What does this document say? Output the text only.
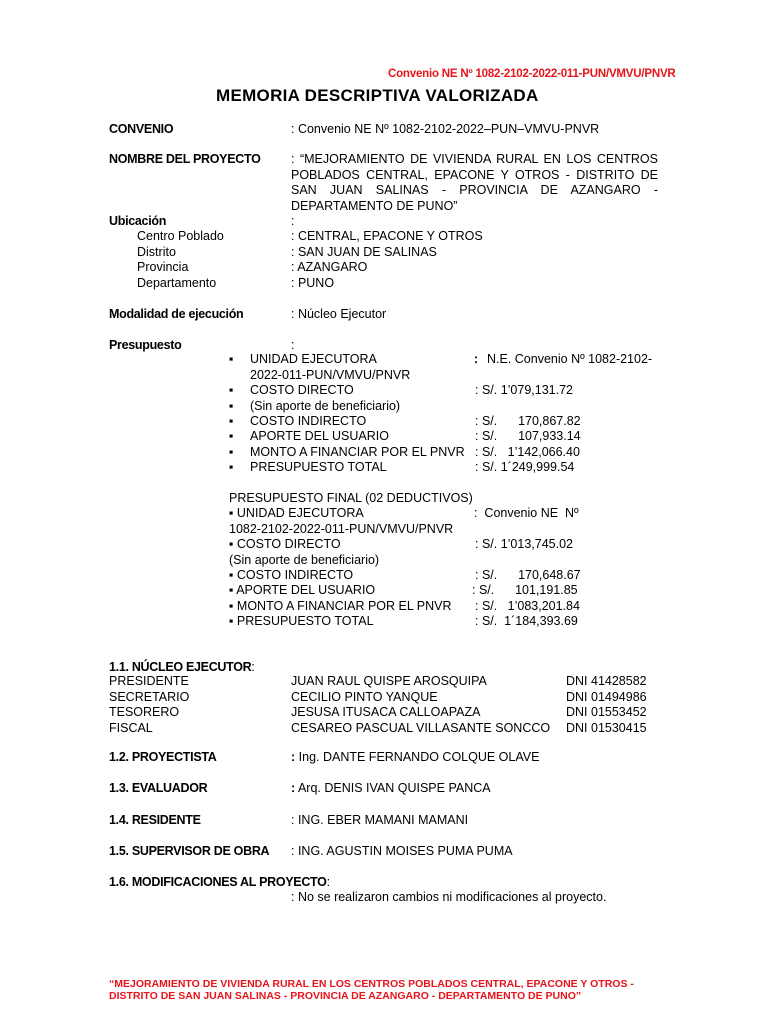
Convenio NE Nº 1082-2102-2022-011-PUN/VMVU/PNVR
MEMORIA DESCRIPTIVA VALORIZADA
CONVENIO	: Convenio NE Nº 1082-2102-2022–PUN–VMVU-PNVR
NOMBRE DEL PROYECTO : “MEJORAMIENTO DE VIVIENDA RURAL EN LOS CENTROS POBLADOS CENTRAL, EPACONE Y OTROS - DISTRITO DE SAN JUAN SALINAS - PROVINCIA DE AZANGARO - DEPARTAMENTO DE PUNO”
Ubicación	:
Centro Poblado	: CENTRAL, EPACONE Y OTROS
Distrito	: SAN JUAN DE SALINAS
Provincia	: AZANGARO
Departamento	: PUNO
Modalidad de ejecución	: Núcleo Ejecutor
Presupuesto	:
▪ UNIDAD EJECUTORA	: N.E. Convenio Nº 1082-2102-
2022-011-PUN/VMVU/PNVR
▪ COSTO DIRECTO	: S/. 1’079,131.72
▪ (Sin aporte de beneficiario)
▪ COSTO INDIRECTO	: S/.      170,867.82
▪ APORTE DEL USUARIO	: S/.      107,933.14
▪ MONTO A FINANCIAR POR EL PNVR : S/.   1’142,066.40
▪ PRESUPUESTO TOTAL	: S/. 1´249,999.54
PRESUPUESTO FINAL (02 DEDUCTIVOS)
▪ UNIDAD EJECUTORA	:  Convenio NE  Nº
1082-2102-2022-011-PUN/VMVU/PNVR
▪ COSTO DIRECTO	: S/. 1’013,745.02
(Sin aporte de beneficiario)
▪ COSTO INDIRECTO	: S/.      170,648.67
▪ APORTE DEL USUARIO	: S/.      101,191.85
▪ MONTO A FINANCIAR POR EL PNVR : S/.   1’083,201.84
▪ PRESUPUESTO TOTAL	: S/.  1´184,393.69
1.1. NÚCLEO EJECUTOR:
PRESIDENTE	JUAN RAUL QUISPE AROSQUIPA	DNI 41428582
SECRETARIO	CECILIO PINTO YANQUE	DNI 01494986
TESORERO	JESUSA ITUSACA CALLOAPAZA	DNI 01553452
FISCAL	CESAREO PASCUAL VILLASANTE SONCCO DNI 01530415
1.2. PROYECTISTA	: Ing. DANTE FERNANDO COLQUE OLAVE
1.3. EVALUADOR	: Arq. DENIS IVAN QUISPE PANCA
1.4. RESIDENTE	: ING. EBER MAMANI MAMANI
1.5. SUPERVISOR DE OBRA : ING. AGUSTIN MOISES PUMA PUMA
1.6. MODIFICACIONES AL PROYECTO:
: No se realizaron cambios ni modificaciones al proyecto.
“MEJORAMIENTO DE VIVIENDA RURAL EN LOS CENTROS POBLADOS CENTRAL, EPACONE Y OTROS -
DISTRITO DE SAN JUAN SALINAS - PROVINCIA DE AZANGARO - DEPARTAMENTO DE PUNO”
